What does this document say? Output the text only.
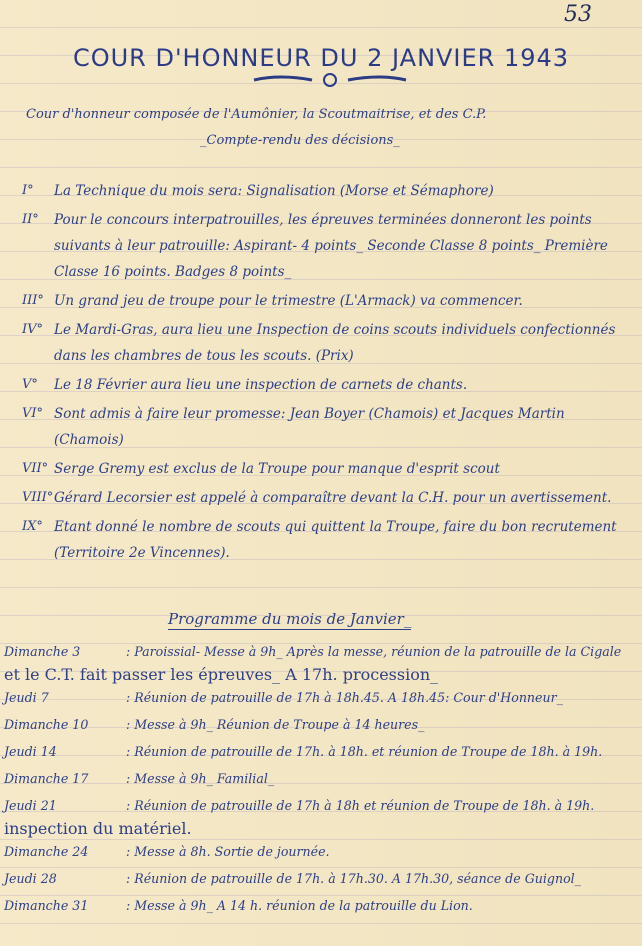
53
COUR D'HONNEUR DU 2 JANVIER 1943
Cour d'honneur composée de l'Aumônier, la Scoutmaitrise, et des C.P.
_Compte-rendu des décisions_
I° La Technique du mois sera: Signalisation (Morse et Sémaphore)
II° Pour le concours interpatrouilles, les épreuves terminées donneront les points suivants à leur patrouille: Aspirant- 4 points_ Seconde Classe 8 points_ Première Classe 16 points. Badges 8 points_
III° Un grand jeu de troupe pour le trimestre (L'Armack) va commencer.
IV° Le Mardi-Gras, aura lieu une Inspection de coins scouts individuels confectionnés dans les chambres de tous les scouts. (Prix)
V° Le 18 Février aura lieu une inspection de carnets de chants.
VI° Sont admis à faire leur promesse: Jean Boyer (Chamois) et Jacques Martin (Chamois)
VII° Serge Gremy est exclus de la Troupe pour manque d'esprit scout
VIII° Gérard Lecorsier est appelé à comparaître devant la C.H. pour un avertissement.
IX° Etant donné le nombre de scouts qui quittent la Troupe, faire du bon recrutement (Territoire 2e Vincennes).
Programme du mois de Janvier_
Dimanche 3	: Paroissial- Messe à 9h_ Après la messe, réunion de la patrouille de la Cigale
et le C.T. fait passer les épreuves_ A 17h. procession_
Jeudi 7	: Réunion de patrouille de 17h à 18h.45. A 18h.45: Cour d'Honneur_
Dimanche 10	: Messe à 9h_ Réunion de Troupe à 14 heures_
Jeudi 14	: Réunion de patrouille de 17h. à 18h. et réunion de Troupe de 18h. à 19h.
Dimanche 17	: Messe à 9h_ Familial_
Jeudi 21	: Réunion de patrouille de 17h à 18h et réunion de Troupe de 18h. à 19h.
inspection du matériel.
Dimanche 24	: Messe à 8h. Sortie de journée.
Jeudi 28	: Réunion de patrouille de 17h. à 17h.30. A 17h.30, séance de Guignol_
Dimanche 31	: Messe à 9h_ A 14 h. réunion de la patrouille du Lion.
